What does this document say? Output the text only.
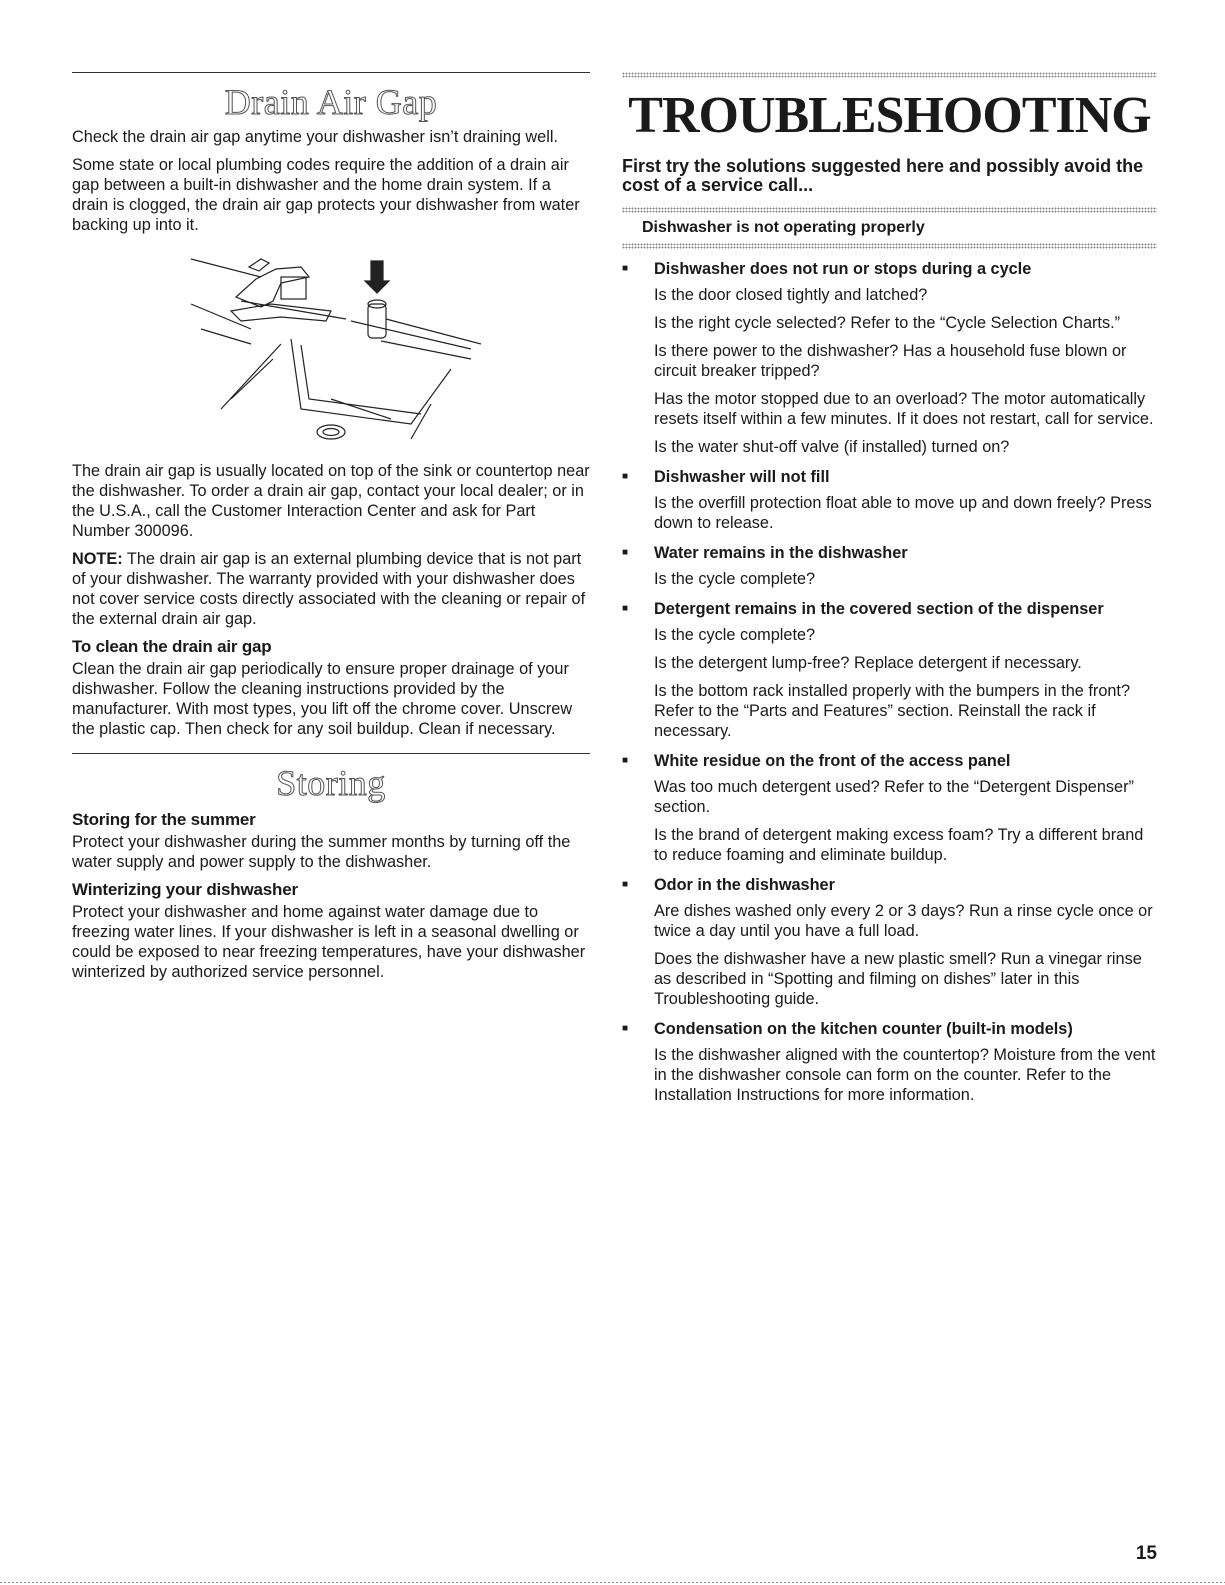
Drain Air Gap

Check the drain air gap anytime your dishwasher isn’t draining well.

Some state or local plumbing codes require the addition of a drain air gap between a built-in dishwasher and the home drain system. If a drain is clogged, the drain air gap protects your dishwasher from water backing up into it.

The drain air gap is usually located on top of the sink or countertop near the dishwasher. To order a drain air gap, contact your local dealer; or in the U.S.A., call the Customer Interaction Center and ask for Part Number 300096.

NOTE: The drain air gap is an external plumbing device that is not part of your dishwasher. The warranty provided with your dishwasher does not cover service costs directly associated with the cleaning or repair of the external drain air gap.

To clean the drain air gap

Clean the drain air gap periodically to ensure proper drainage of your dishwasher. Follow the cleaning instructions provided by the manufacturer. With most types, you lift off the chrome cover. Unscrew the plastic cap. Then check for any soil buildup. Clean if necessary.

Storing
Storing for the summer

Protect your dishwasher during the summer months by turning off the water supply and power supply to the dishwasher.

Winterizing your dishwasher

Protect your dishwasher and home against water damage due to freezing water lines. If your dishwasher is left in a seasonal dwelling or could be exposed to near freezing temperatures, have your dishwasher winterized by authorized service personnel.

TROUBLESHOOTING
First try the solutions suggested here and possibly avoid the cost of a service call...
Dishwasher is not operating properly
■	Dishwasher does not run or stops during a cycle
Is the door closed tightly and latched?
Is the right cycle selected? Refer to the “Cycle Selection Charts.”
Is there power to the dishwasher? Has a household fuse blown or circuit breaker tripped?
Has the motor stopped due to an overload? The motor automatically resets itself within a few minutes. If it does not restart, call for service.
Is the water shut-off valve (if installed) turned on?
■	Dishwasher will not fill
Is the overfill protection float able to move up and down freely? Press down to release.
■	Water remains in the dishwasher
Is the cycle complete?
■	Detergent remains in the covered section of the dispenser
Is the cycle complete?
Is the detergent lump-free? Replace detergent if necessary.
Is the bottom rack installed properly with the bumpers in the front? Refer to the “Parts and Features” section. Reinstall the rack if necessary.
■	White residue on the front of the access panel
Was too much detergent used? Refer to the “Detergent Dispenser” section.
Is the brand of detergent making excess foam? Try a different brand to reduce foaming and eliminate buildup.
■	Odor in the dishwasher
Are dishes washed only every 2 or 3 days? Run a rinse cycle once or twice a day until you have a full load.
Does the dishwasher have a new plastic smell? Run a vinegar rinse as described in “Spotting and filming on dishes” later in this Troubleshooting guide.
■	Condensation on the kitchen counter (built-in models)
Is the dishwasher aligned with the countertop? Moisture from the vent in the dishwasher console can form on the counter. Refer to the Installation Instructions for more information.
15
